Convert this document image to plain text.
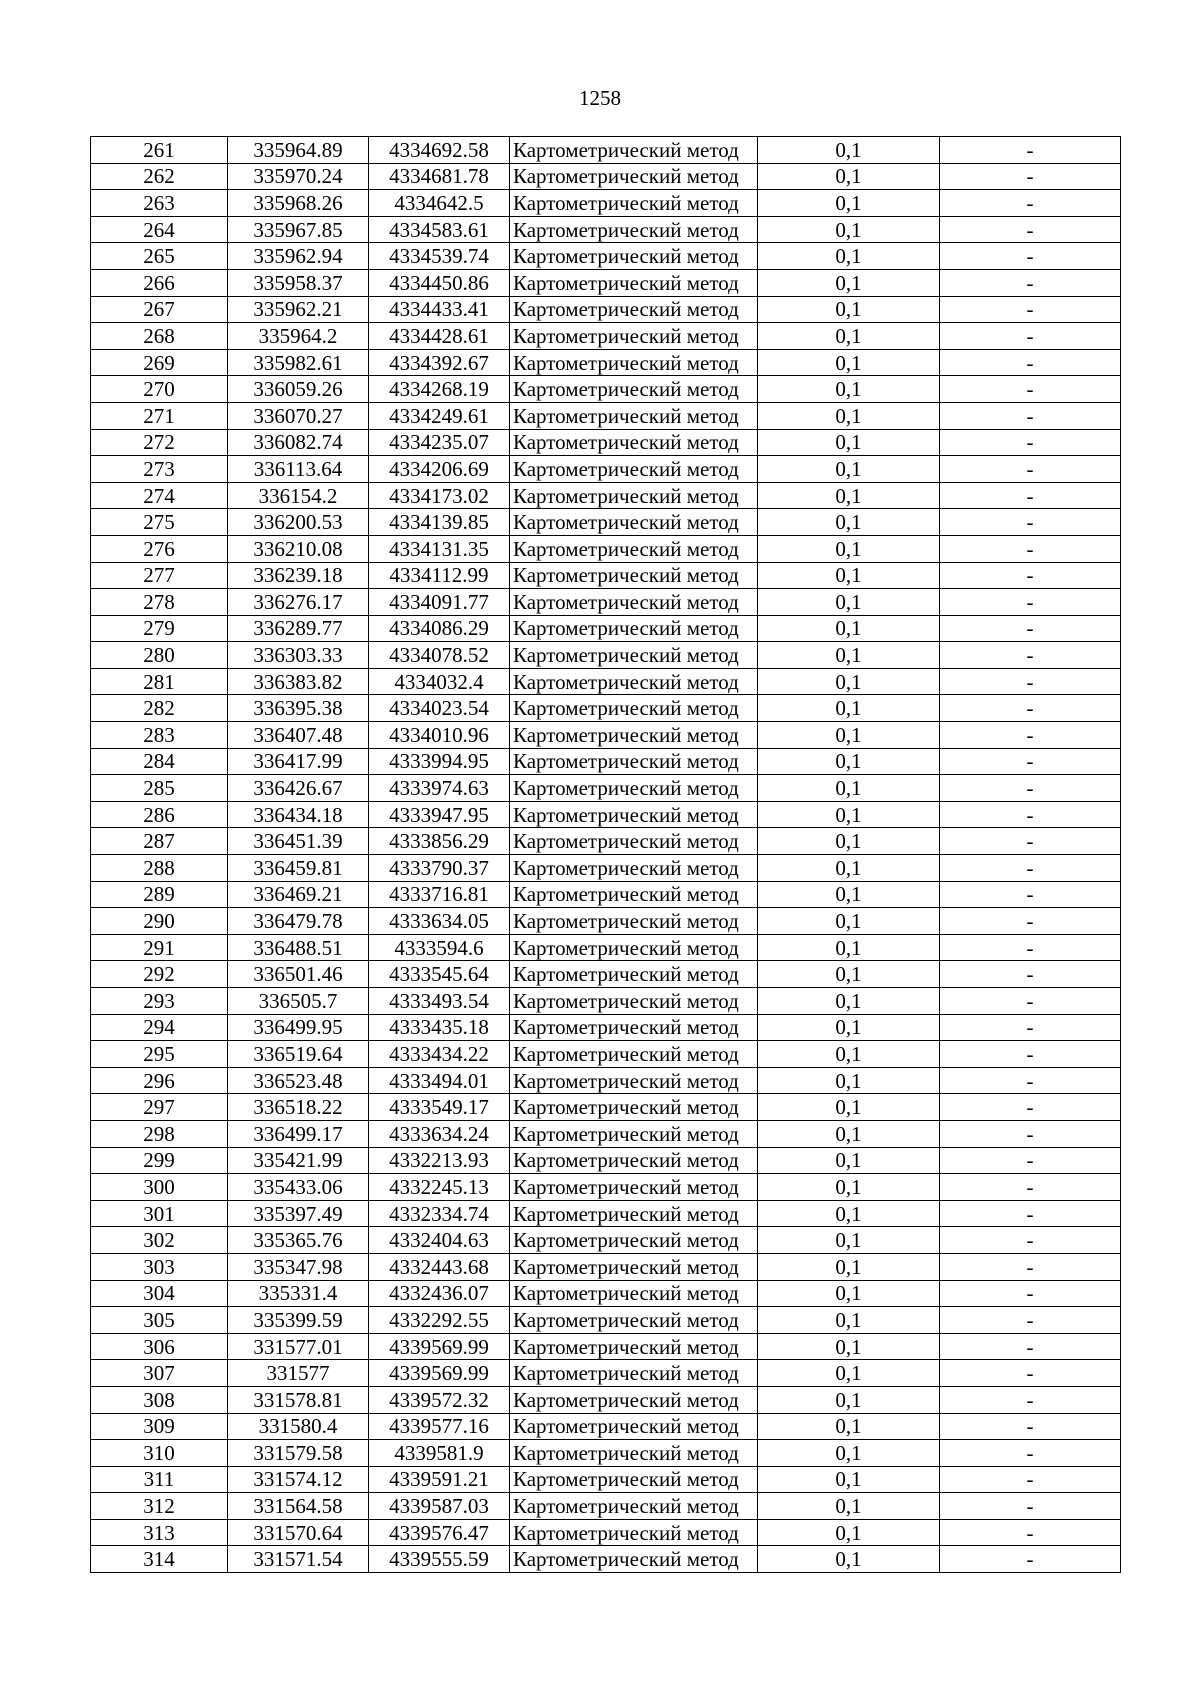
1258
261	335964.89	4334692.58	Картометрический метод	0,1	-
262	335970.24	4334681.78	Картометрический метод	0,1	-
263	335968.26	4334642.5	Картометрический метод	0,1	-
264	335967.85	4334583.61	Картометрический метод	0,1	-
265	335962.94	4334539.74	Картометрический метод	0,1	-
266	335958.37	4334450.86	Картометрический метод	0,1	-
267	335962.21	4334433.41	Картометрический метод	0,1	-
268	335964.2	4334428.61	Картометрический метод	0,1	-
269	335982.61	4334392.67	Картометрический метод	0,1	-
270	336059.26	4334268.19	Картометрический метод	0,1	-
271	336070.27	4334249.61	Картометрический метод	0,1	-
272	336082.74	4334235.07	Картометрический метод	0,1	-
273	336113.64	4334206.69	Картометрический метод	0,1	-
274	336154.2	4334173.02	Картометрический метод	0,1	-
275	336200.53	4334139.85	Картометрический метод	0,1	-
276	336210.08	4334131.35	Картометрический метод	0,1	-
277	336239.18	4334112.99	Картометрический метод	0,1	-
278	336276.17	4334091.77	Картометрический метод	0,1	-
279	336289.77	4334086.29	Картометрический метод	0,1	-
280	336303.33	4334078.52	Картометрический метод	0,1	-
281	336383.82	4334032.4	Картометрический метод	0,1	-
282	336395.38	4334023.54	Картометрический метод	0,1	-
283	336407.48	4334010.96	Картометрический метод	0,1	-
284	336417.99	4333994.95	Картометрический метод	0,1	-
285	336426.67	4333974.63	Картометрический метод	0,1	-
286	336434.18	4333947.95	Картометрический метод	0,1	-
287	336451.39	4333856.29	Картометрический метод	0,1	-
288	336459.81	4333790.37	Картометрический метод	0,1	-
289	336469.21	4333716.81	Картометрический метод	0,1	-
290	336479.78	4333634.05	Картометрический метод	0,1	-
291	336488.51	4333594.6	Картометрический метод	0,1	-
292	336501.46	4333545.64	Картометрический метод	0,1	-
293	336505.7	4333493.54	Картометрический метод	0,1	-
294	336499.95	4333435.18	Картометрический метод	0,1	-
295	336519.64	4333434.22	Картометрический метод	0,1	-
296	336523.48	4333494.01	Картометрический метод	0,1	-
297	336518.22	4333549.17	Картометрический метод	0,1	-
298	336499.17	4333634.24	Картометрический метод	0,1	-
299	335421.99	4332213.93	Картометрический метод	0,1	-
300	335433.06	4332245.13	Картометрический метод	0,1	-
301	335397.49	4332334.74	Картометрический метод	0,1	-
302	335365.76	4332404.63	Картометрический метод	0,1	-
303	335347.98	4332443.68	Картометрический метод	0,1	-
304	335331.4	4332436.07	Картометрический метод	0,1	-
305	335399.59	4332292.55	Картометрический метод	0,1	-
306	331577.01	4339569.99	Картометрический метод	0,1	-
307	331577	4339569.99	Картометрический метод	0,1	-
308	331578.81	4339572.32	Картометрический метод	0,1	-
309	331580.4	4339577.16	Картометрический метод	0,1	-
310	331579.58	4339581.9	Картометрический метод	0,1	-
311	331574.12	4339591.21	Картометрический метод	0,1	-
312	331564.58	4339587.03	Картометрический метод	0,1	-
313	331570.64	4339576.47	Картометрический метод	0,1	-
314	331571.54	4339555.59	Картометрический метод	0,1	-
